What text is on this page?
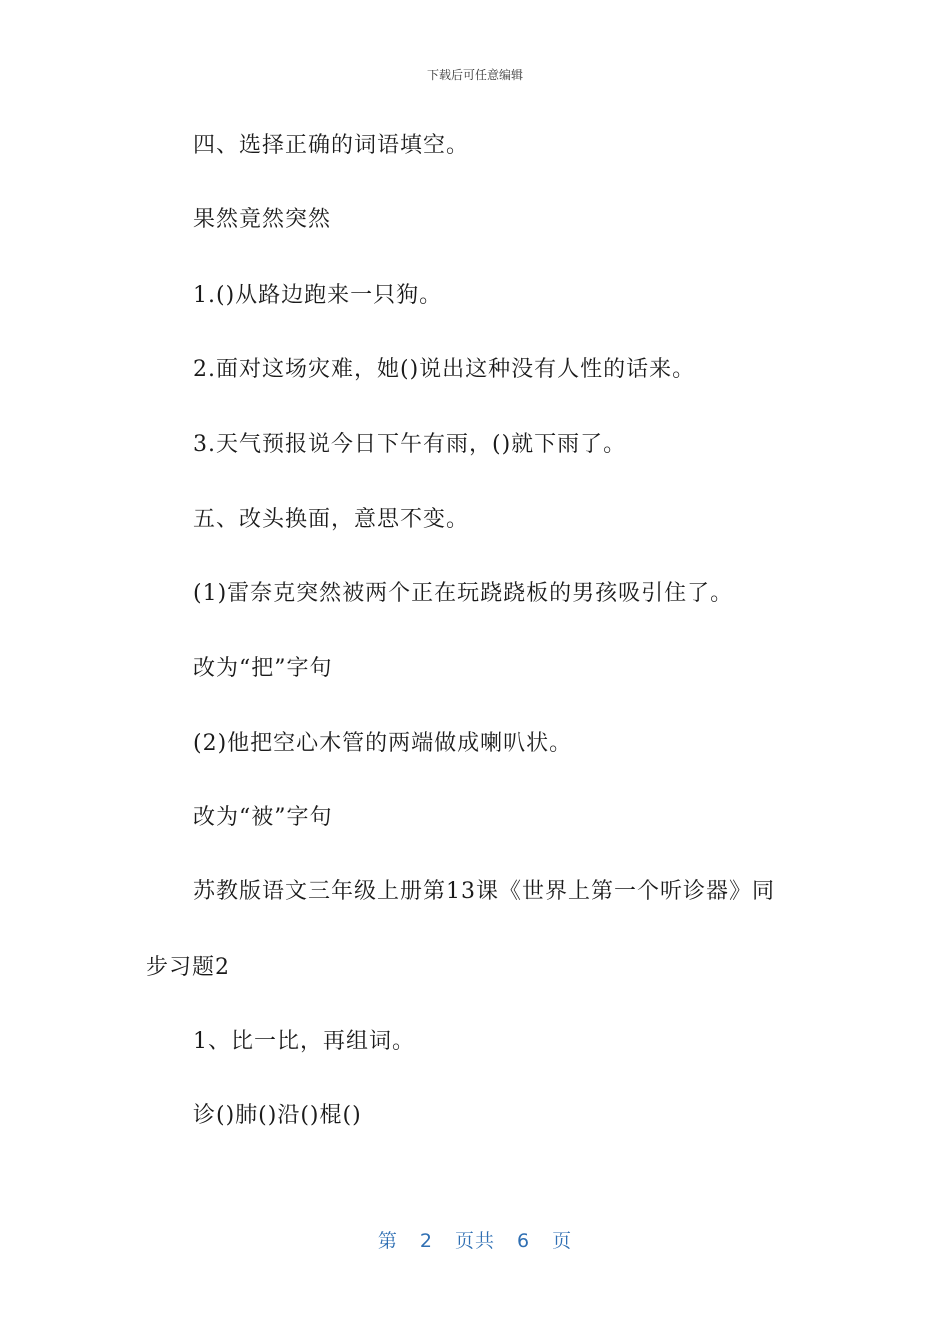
下载后可任意编辑
四、选择正确的词语填空。
果然竟然突然
1.()从路边跑来一只狗。
2.面对这场灾难，她()说出这种没有人性的话来。
3.天气预报说今日下午有雨，()就下雨了。
五、改头换面，意思不变。
(1)雷奈克突然被两个正在玩跷跷板的男孩吸引住了。
改为“把”字句
(2)他把空心木管的两端做成喇叭状。
改为“被”字句
苏教版语文三年级上册第13课《世界上第一个听诊器》同
步习题2
1、比一比，再组词。
诊()肺()沿()棍()
第 2 页共 6 页
